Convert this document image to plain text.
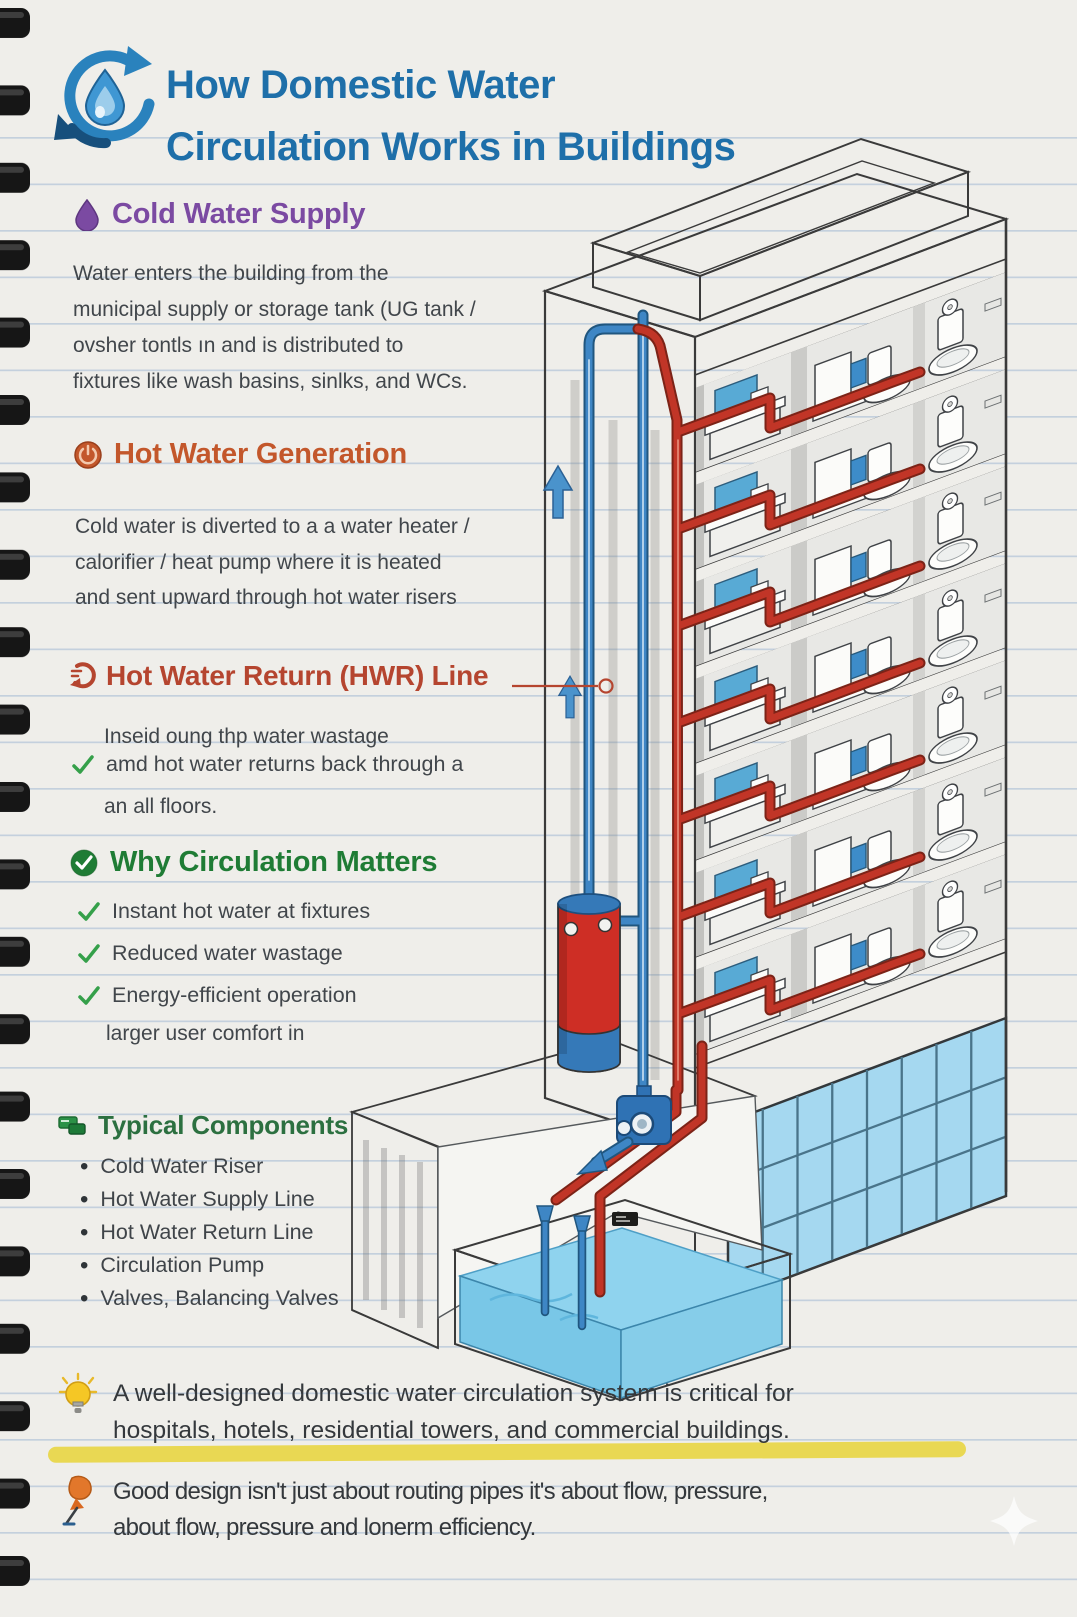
How Domestic Water
Circulation Works in Buildings
Cold Water Supply
Water enters the building from the
municipal supply or storage tank (UG tank /
ovsher tontls ın and is distributed to
fixtures like wash basins, sinlks, and WCs.
Hot Water Generation
Cold water is diverted to a a water heater /
calorifier / heat pump where it is heated
and sent upward through hot water risers
Hot Water Return (HWR) Line
Inseid oung thp water wastage
amd hot water returns back through a
an all floors.
Why Circulation Matters
Instant hot water at fixtures
Reduced water wastage
Energy-efficient operation
larger user comfort in
Typical Components
• Cold Water Riser
• Hot Water Supply Line
• Hot Water Return Line
• Circulation Pump
• Valves, Balancing Valves
A well-designed domestic water circulation system is critical for
hospitals, hotels, residential towers, and commercial buildings.
Good design isn't just about routing pipes it's about flow, pressure,
about flow, pressure and lonerm efficiency.
